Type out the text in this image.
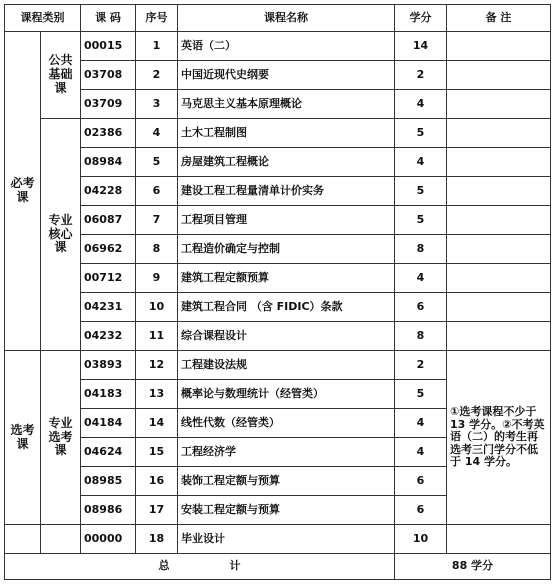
课程类别		课 码	序号	课程名称	学分	备 注
必考课	公共基础课	00015	1	英语（二）	14	
		03708	2	中国近现代史纲要	2	
		03709	3	马克思主义基本原理概论	4	
	专业核心课	02386	4	土木工程制图	5	
		08984	5	房屋建筑工程概论	4	
		04228	6	建设工程工程量清单计价实务	5	
		06087	7	工程项目管理	5	
		06962	8	工程造价确定与控制	8	
		00712	9	建筑工程定额预算	4	
		04231	10	建筑工程合同 （含 FIDIC）条款	6	
		04232	11	综合课程设计	8	
选考课	专业选考课	03893	12	工程建设法规	2	①选考课程不少于 13 学分。②不考英语（二）的考生再选考三门学分不低于 14 学分。
		04183	13	概率论与数理统计（经管类）	5	
		04184	14	线性代数（经管类）	4	
		04624	15	工程经济学	4	
		08985	16	装饰工程定额与预算	6	
		08986	17	安装工程定额与预算	6	
		00000	18	毕业设计	10	
总 计					88 学分	
